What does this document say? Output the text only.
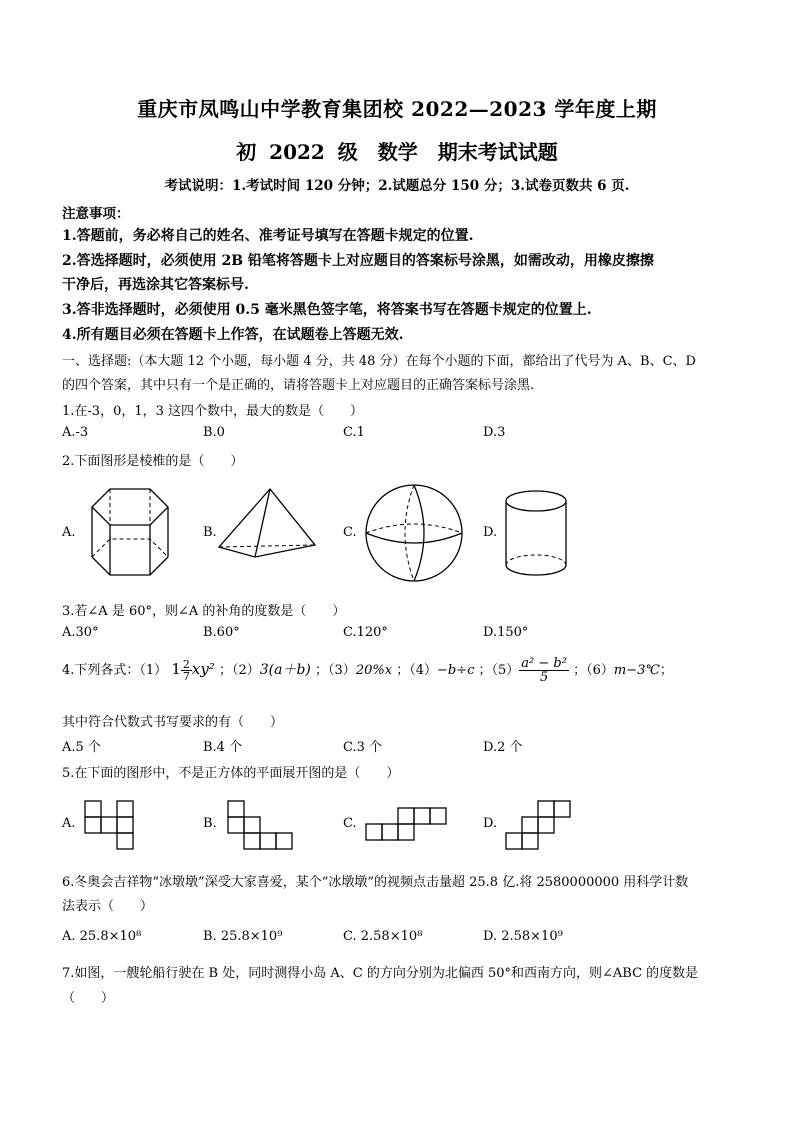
重庆市凤鸣山中学教育集团校 2022—2023 学年度上期
初 2022 级　数学　期末考试试题
考试说明：1.考试时间 120 分钟；2.试题总分 150 分；3.试卷页数共 6 页.
注意事项：
1.答题前，务必将自己的姓名、准考证号填写在答题卡规定的位置.
2.答选择题时，必须使用 2B 铅笔将答题卡上对应题目的答案标号涂黑，如需改动，用橡皮擦擦
干净后，再选涂其它答案标号.
3.答非选择题时，必须使用 0.5 毫米黑色签字笔，将答案书写在答题卡规定的位置上.
4.所有题目必须在答题卡上作答，在试题卷上答题无效.
一、选择题:（本大题 12 个小题，每小题 4 分，共 48 分）在每个小题的下面，都给出了代号为 A、B、C、D
的四个答案，其中只有一个是正确的，请将答题卡上对应题目的正确答案标号涂黑.
1.在-3，0，1，3 这四个数中，最大的数是（　　）
A.-3	B.0	C.1	D.3
2.下面图形是棱椎的是（　　）
A.	B.	C.	D.
3.若∠A 是 60°，则∠A 的补角的度数是（　　）
A.30°	B.60°	C.120°	D.150°
4.下列各式：（1） $1 \frac{2}{7} xy^2$ ；（2）3(a＋b) ；（3）20%x ；（4）−b÷c ；$(5) \frac{\text{a² − b²}}{5}$ ；（6）m−3℃；
其中符合代数式书写要求的有（　　）
A.5 个	B.4 个	C.3 个	D.2 个
5.在下面的图形中，不是正方体的平面展开图的是（　　）
A.	B.	C.	D.
6.冬奥会吉祥物“冰墩墩”深受大家喜爱，某个“冰墩墩”的视频点击量超 25.8 亿.将 2580000000 用科学计数
法表示（　　）
A. 25.8×10⁸	B. 25.8×10⁹	C. 2.58×10⁸	D. 2.58×10⁹
7.如图，一艘轮船行驶在 B 处，同时测得小岛 A、C 的方向分别为北偏西 50°和西南方向，则∠ABC 的度数是
（　　）
